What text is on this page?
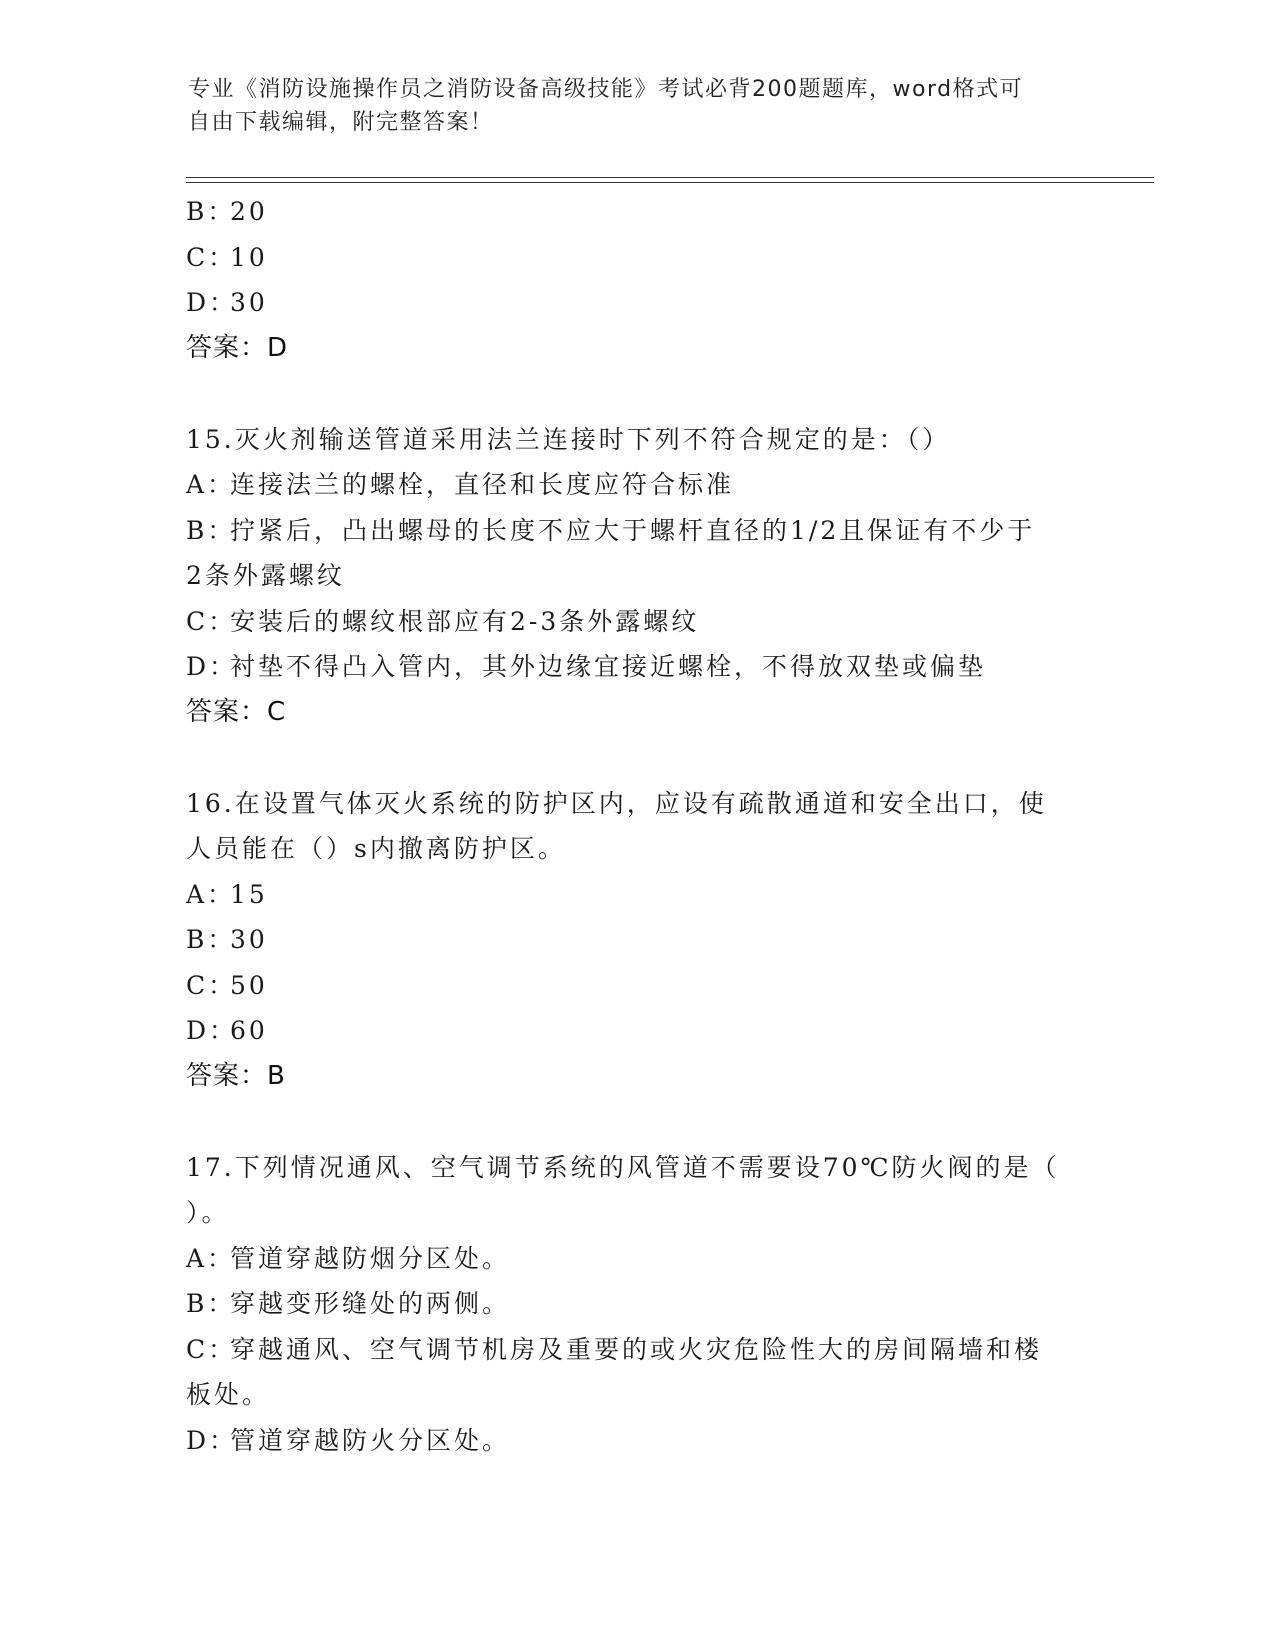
专业《消防设施操作员之消防设备高级技能》考试必背200题题库，word格式可
自由下载编辑，附完整答案！
B：20
C：10
D：30
答案：D
15.灭火剂输送管道采用法兰连接时下列不符合规定的是：（）
A：连接法兰的螺栓，直径和长度应符合标准
B：拧紧后，凸出螺母的长度不应大于螺杆直径的1/2且保证有不少于
2条外露螺纹
C：安装后的螺纹根部应有2-3条外露螺纹
D：衬垫不得凸入管内，其外边缘宜接近螺栓，不得放双垫或偏垫
答案：C
16.在设置气体灭火系统的防护区内，应设有疏散通道和安全出口，使
人员能在（）s内撤离防护区。
A：15
B：30
C：50
D：60
答案：B
17.下列情况通风、空气调节系统的风管道不需要设70℃防火阀的是（
）。
A：管道穿越防烟分区处。
B：穿越变形缝处的两侧。
C：穿越通风、空气调节机房及重要的或火灾危险性大的房间隔墙和楼
板处。
D：管道穿越防火分区处。
